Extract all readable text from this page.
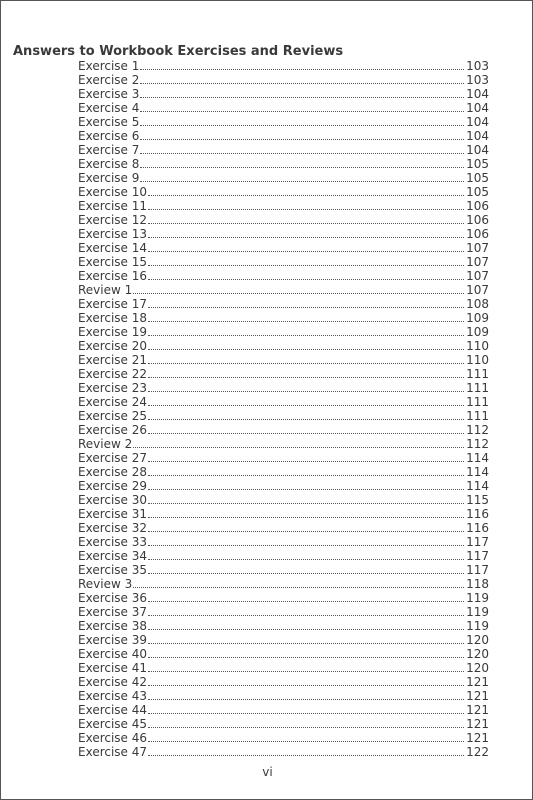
Answers to Workbook Exercises and Reviews
Exercise 1	103
Exercise 2	103
Exercise 3	104
Exercise 4	104
Exercise 5	104
Exercise 6	104
Exercise 7	104
Exercise 8	105
Exercise 9	105
Exercise 10	105
Exercise 11	106
Exercise 12	106
Exercise 13	106
Exercise 14	107
Exercise 15	107
Exercise 16	107
Review 1	107
Exercise 17	108
Exercise 18	109
Exercise 19	109
Exercise 20	110
Exercise 21	110
Exercise 22	111
Exercise 23	111
Exercise 24	111
Exercise 25	111
Exercise 26	112
Review 2	112
Exercise 27	114
Exercise 28	114
Exercise 29	114
Exercise 30	115
Exercise 31	116
Exercise 32	116
Exercise 33	117
Exercise 34	117
Exercise 35	117
Review 3	118
Exercise 36	119
Exercise 37	119
Exercise 38	119
Exercise 39	120
Exercise 40	120
Exercise 41	120
Exercise 42	121
Exercise 43	121
Exercise 44	121
Exercise 45	121
Exercise 46	121
Exercise 47	122
vi
